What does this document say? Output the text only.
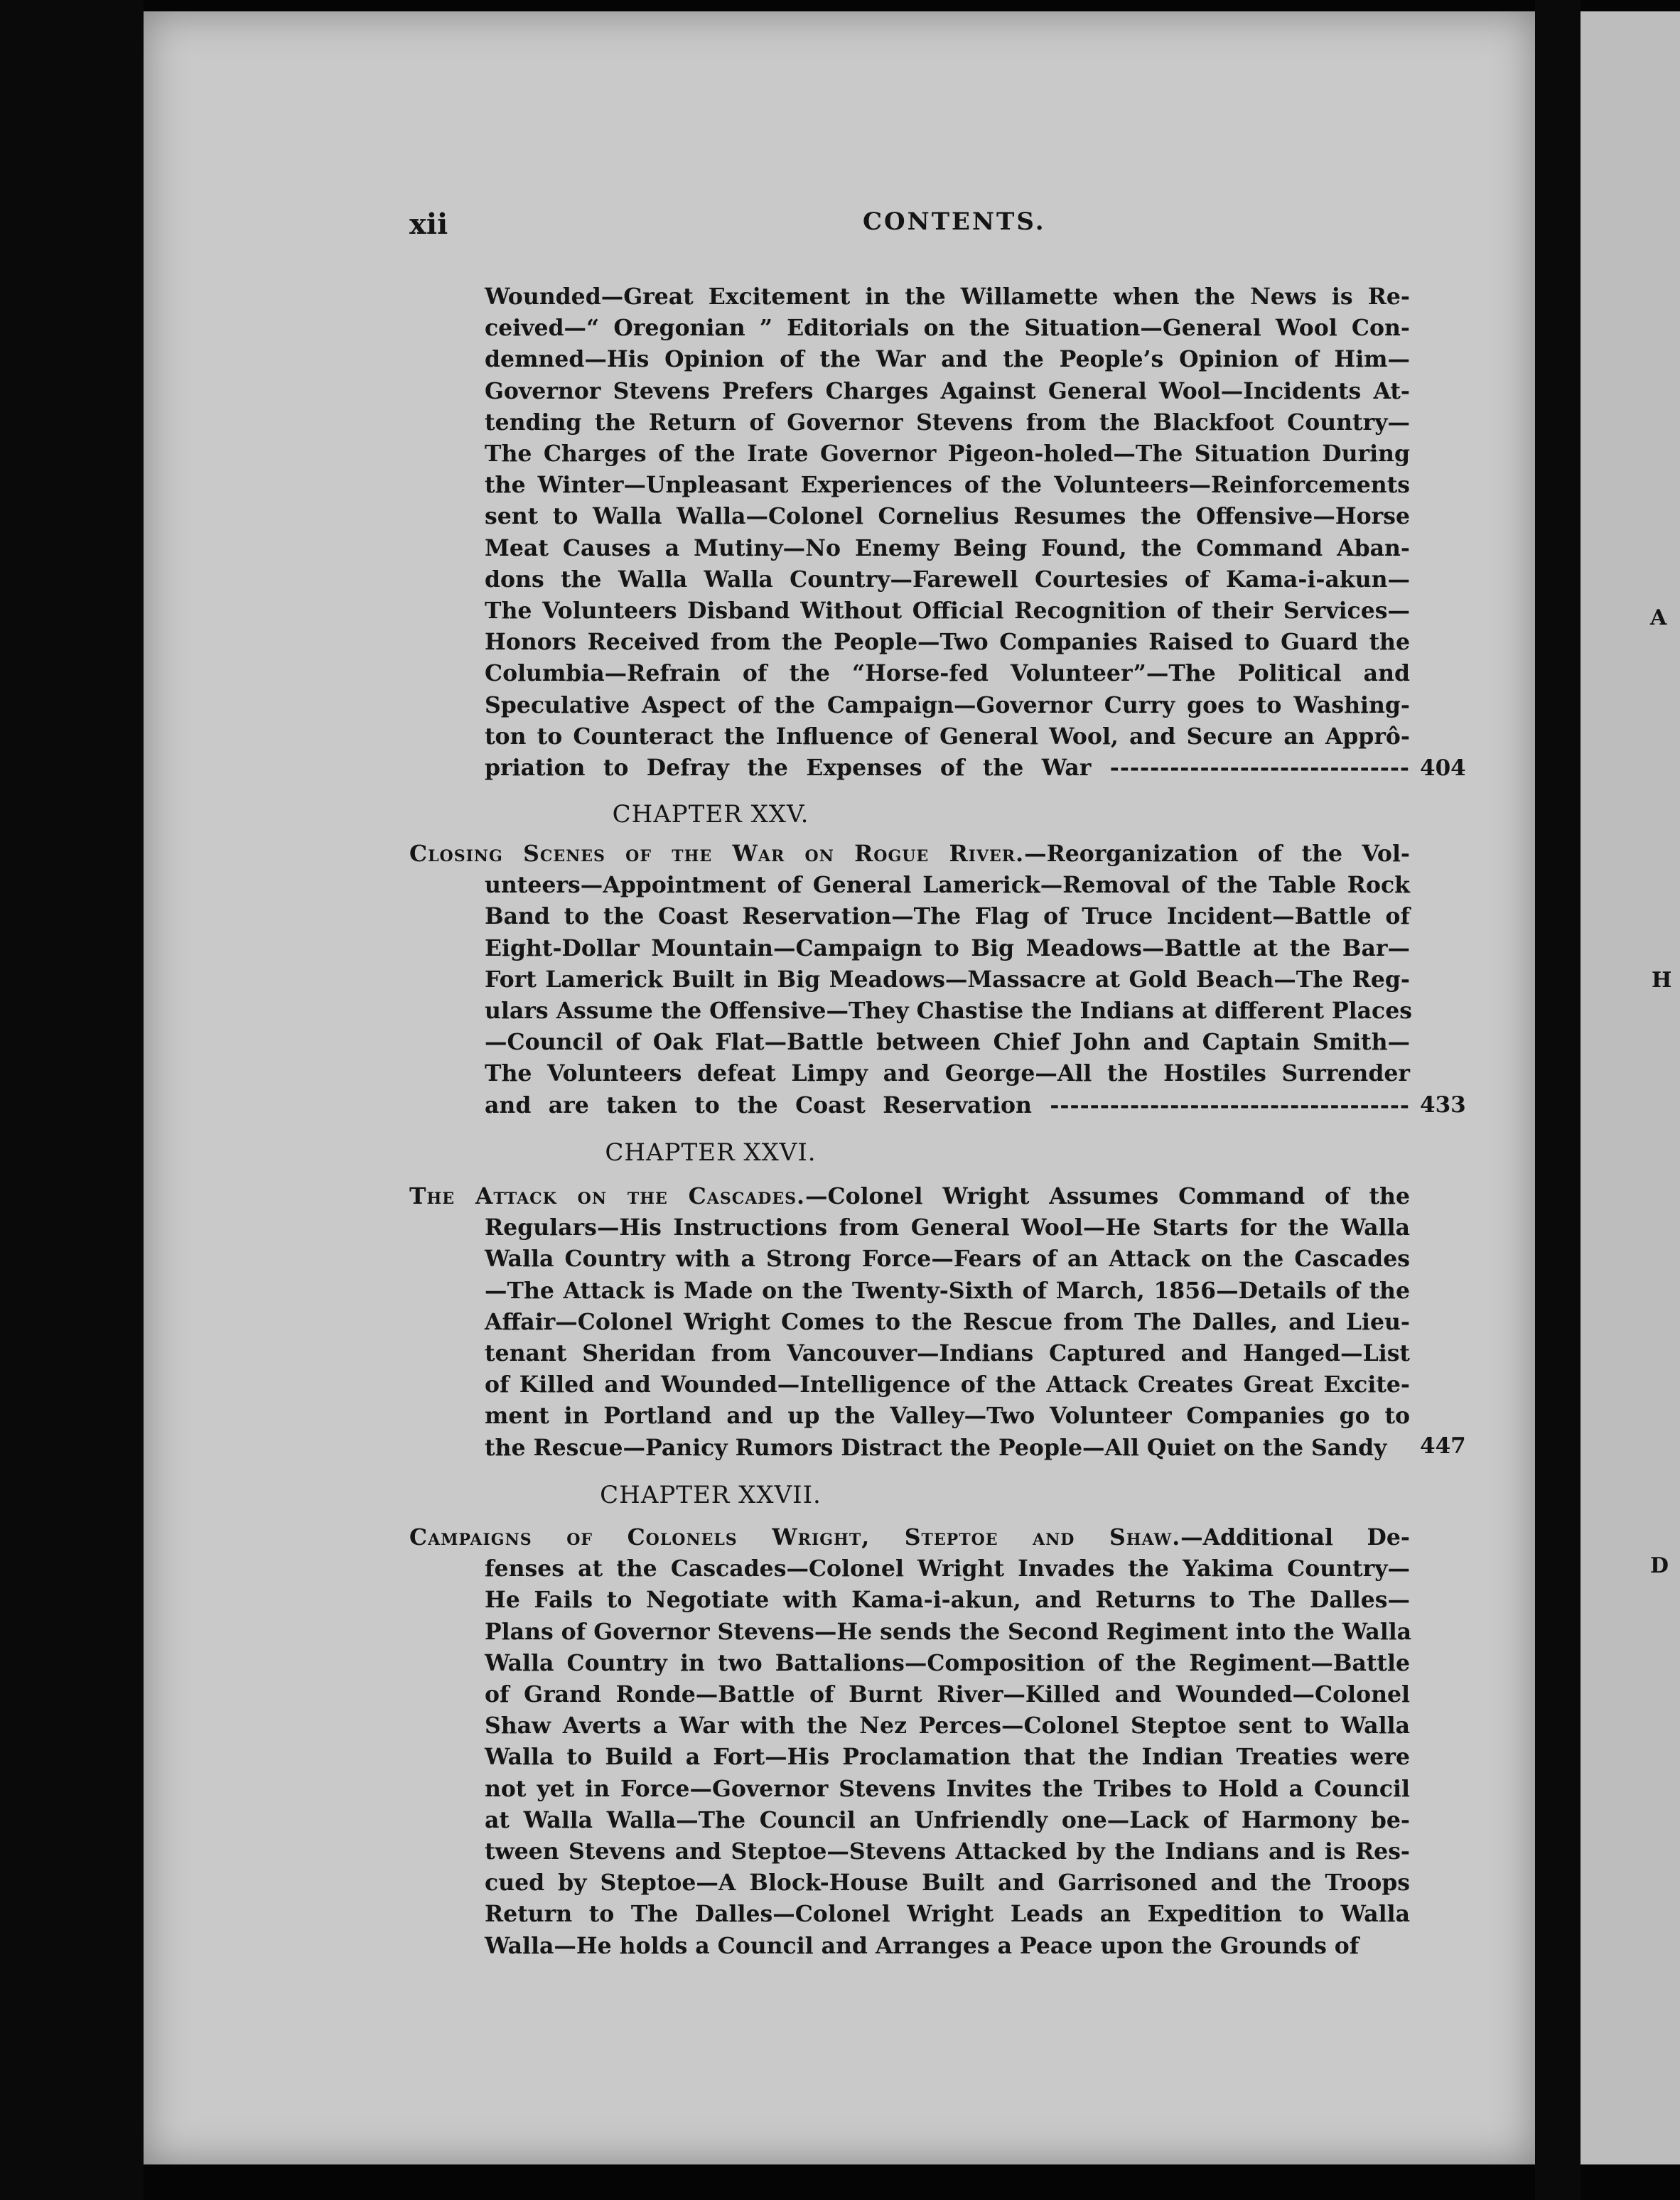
A
H
D
xii	CONTENTS.
Wounded—Great Excitement in the Willamette when the News is Re-
ceived—“ Oregonian ” Editorials on the Situation—General Wool Con-
demned—His Opinion of the War and the People’s Opinion of Him—
Governor Stevens Prefers Charges Against General Wool—Incidents At-
tending the Return of Governor Stevens from the Blackfoot Country—
The Charges of the Irate Governor Pigeon-holed—The Situation During
the Winter—Unpleasant Experiences of the Volunteers—Reinforcements
sent to Walla Walla—Colonel Cornelius Resumes the Offensive—Horse
Meat Causes a Mutiny—No Enemy Being Found, the Command Aban-
dons the Walla Walla Country—Farewell Courtesies of Kama-i-akun—
The Volunteers Disband Without Official Recognition of their Services—
Honors Received from the People—Two Companies Raised to Guard the
Columbia—Refrain of the “Horse-fed Volunteer”—The Political and
Speculative Aspect of the Campaign—Governor Curry goes to Washing-
ton to Counteract the Influence of General Wool, and Secure an Apprô-
priation to Defray the Expenses of the War ------------------------------ 404
CHAPTER XXV.
Closing Scenes of the War on Rogue River.—Reorganization of the Vol-
unteers—Appointment of General Lamerick—Removal of the Table Rock
Band to the Coast Reservation—The Flag of Truce Incident—Battle of
Eight-Dollar Mountain—Campaign to Big Meadows—Battle at the Bar—
Fort Lamerick Built in Big Meadows—Massacre at Gold Beach—The Reg-
ulars Assume the Offensive—They Chastise the Indians at different Places
—Council of Oak Flat—Battle between Chief John and Captain Smith—
The Volunteers defeat Limpy and George—All the Hostiles Surrender
and are taken to the Coast Reservation ------------------------------------ 433
CHAPTER XXVI.
The Attack on the Cascades.—Colonel Wright Assumes Command of the
Regulars—His Instructions from General Wool—He Starts for the Walla
Walla Country with a Strong Force—Fears of an Attack on the Cascades
—The Attack is Made on the Twenty-Sixth of March, 1856—Details of the
Affair—Colonel Wright Comes to the Rescue from The Dalles, and Lieu-
tenant Sheridan from Vancouver—Indians Captured and Hanged—List
of Killed and Wounded—Intelligence of the Attack Creates Great Excite-
ment in Portland and up the Valley—Two Volunteer Companies go to
the Rescue—Panicy Rumors Distract the People—All Quiet on the Sandy	447
CHAPTER XXVII.
Campaigns of Colonels Wright, Steptoe and Shaw.—Additional De-
fenses at the Cascades—Colonel Wright Invades the Yakima Country—
He Fails to Negotiate with Kama-i-akun, and Returns to The Dalles—
Plans of Governor Stevens—He sends the Second Regiment into the Walla
Walla Country in two Battalions—Composition of the Regiment—Battle
of Grand Ronde—Battle of Burnt River—Killed and Wounded—Colonel
Shaw Averts a War with the Nez Perces—Colonel Steptoe sent to Walla
Walla to Build a Fort—His Proclamation that the Indian Treaties were
not yet in Force—Governor Stevens Invites the Tribes to Hold a Council
at Walla Walla—The Council an Unfriendly one—Lack of Harmony be-
tween Stevens and Steptoe—Stevens Attacked by the Indians and is Res-
cued by Steptoe—A Block-House Built and Garrisoned and the Troops
Return to The Dalles—Colonel Wright Leads an Expedition to Walla
Walla—He holds a Council and Arranges a Peace upon the Grounds of
